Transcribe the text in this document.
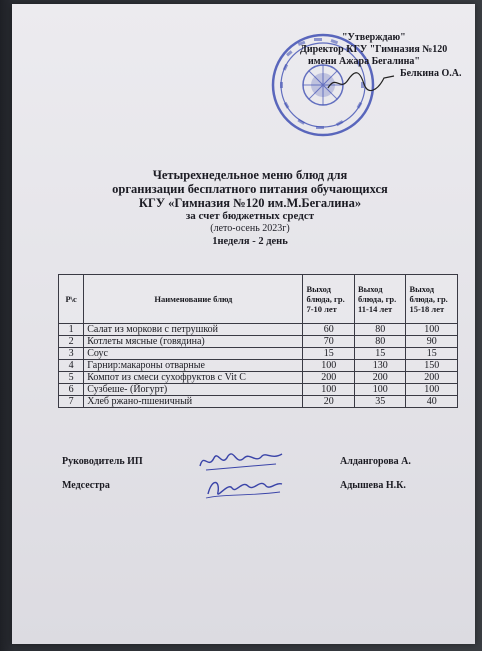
"Утверждаю"
Директор КГУ "Гимназия №120
имени Ажара Бегалина"
Белкина О.А.
Четырехнедельное меню блюд для
организации бесплатного питания обучающихся
КГУ «Гимназия №120 им.М.Бегалина»
за счет бюджетных средст
(лето-осень 2023г)
1неделя - 2 день
Р\с	Наименование блюд	Выход блюда, гр. 7-10 лет	Выход блюда, гр. 11-14 лет	Выход блюда, гр. 15-18 лет
1	Салат из моркови с петрушкой	60	80	100
2	Котлеты мясные (говядина)	70	80	90
3	Соус	15	15	15
4	Гарнир:макароны отварные	100	130	150
5	Компот из смеси сухофруктов с Vit C	200	200	200
6	Сузбеше- (Йогурт)	100	100	100
7	Хлеб ржано-пшеничный	20	35	40
Руководитель ИП	Алдангорова А.
Медсестра	Адышева Н.К.
